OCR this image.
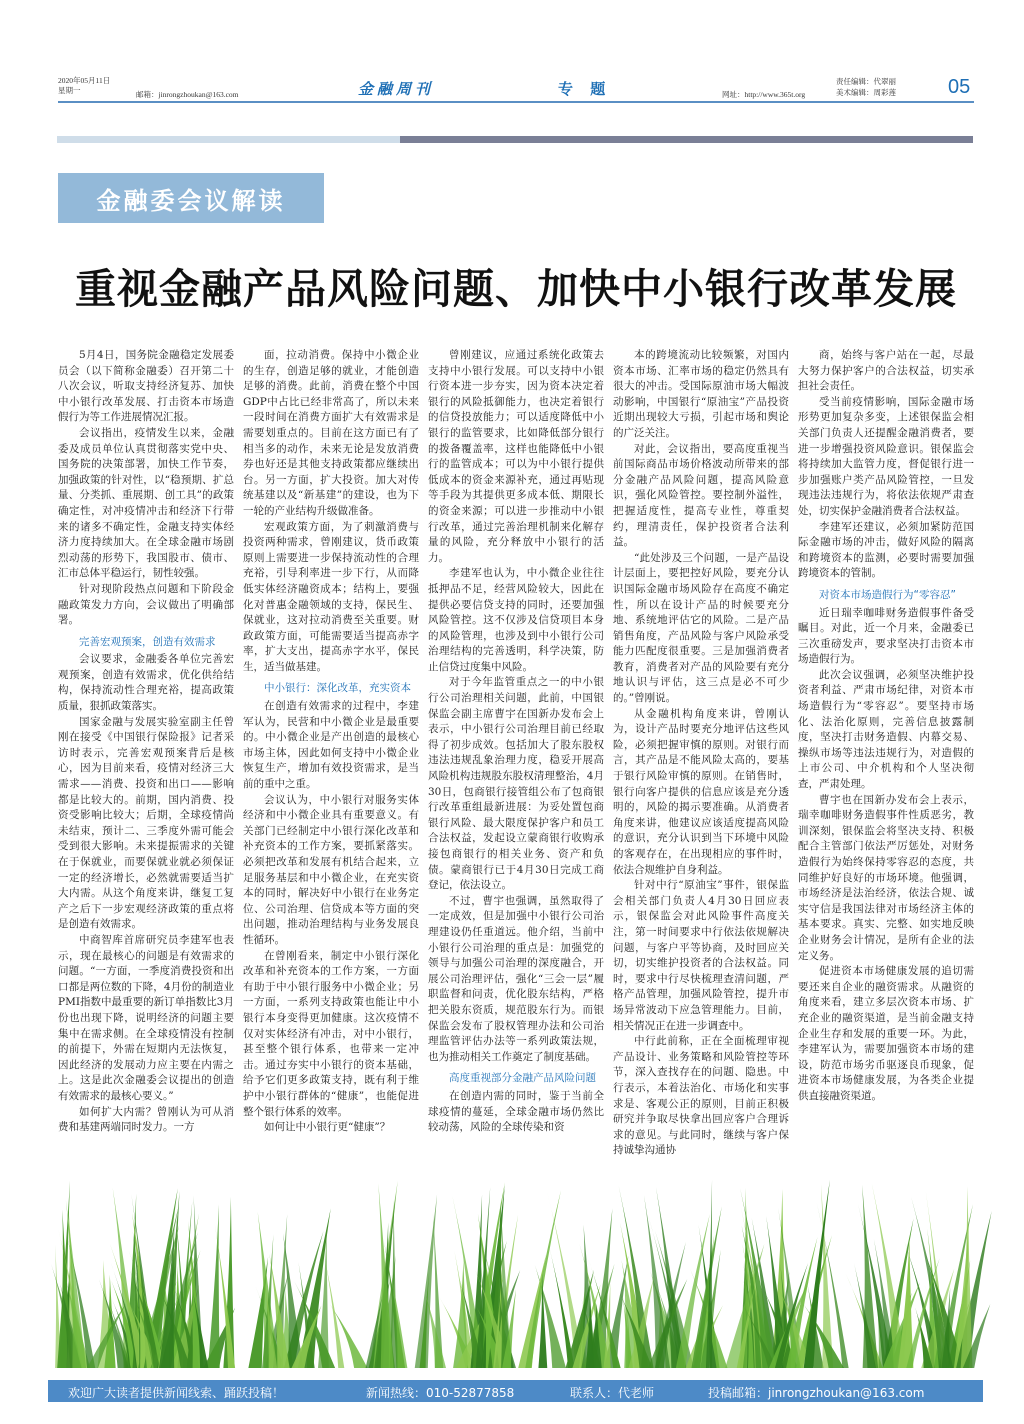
2020年05月11日
星期一	邮箱：jinrongzhoukan@163.com	金融周刊	专 题	网址：http://www.365t.org
责任编辑：代翠丽
美术编辑：周彩莲	05
金融委会议解读
重视金融产品风险问题、加快中小银行改革发展

5月4日，国务院金融稳定发展委员会（以下简称金融委）召开第二十八次会议，听取支持经济复苏、加快中小银行改革发展、打击资本市场造假行为等工作进展情况汇报。

会议指出，疫情发生以来，金融委及成员单位认真贯彻落实党中央、国务院的决策部署，加快工作节奏，加强政策的针对性，以“稳预期、扩总量、分类抓、重展期、创工具”的政策确定性，对冲疫情冲击和经济下行带来的诸多不确定性，金融支持实体经济力度持续加大。在全球金融市场剧烈动荡的形势下，我国股市、债市、汇市总体平稳运行，韧性较强。

针对现阶段热点问题和下阶段金融政策发力方向，会议做出了明确部署。

完善宏观预案，创造有效需求

会议要求，金融委各单位完善宏观预案，创造有效需求，优化供给结构，保持流动性合理充裕，提高政策质量，狠抓政策落实。

国家金融与发展实验室副主任曾刚在接受《中国银行保险报》记者采访时表示，完善宏观预案背后是核心，因为目前来看，疫情对经济三大需求——消费、投资和出口——影响都是比较大的。前期，国内消费、投资受影响比较大；后期，全球疫情尚未结束，预计二、三季度外需可能会受到很大影响。未来提振需求的关键在于保就业，而要保就业就必须保证一定的经济增长，必然就需要适当扩大内需。从这个角度来讲，继复工复产之后下一步宏观经济政策的重点将是创造有效需求。

中商智库首席研究员李建军也表示，现在最核心的问题是有效需求的问题。“一方面，一季度消费投资和出口都是两位数的下降，4月份的制造业PMI指数中最重要的新订单指数比3月份也出现下降，说明经济的问题主要集中在需求侧。在全球疫情没有控制的前提下，外需在短期内无法恢复，因此经济的发展动力应主要在内需之上。这是此次金融委会议提出的创造有效需求的最核心要义。”

如何扩大内需？曾刚认为可从消费和基建两端同时发力。一方

面，拉动消费。保持中小微企业的生存，创造足够的就业，才能创造足够的消费。此前，消费在整个中国GDP中占比已经非常高了，所以未来一段时间在消费方面扩大有效需求是需要划重点的。目前在这方面已有了相当多的动作，未来无论是发放消费券也好还是其他支持政策都应继续出台。另一方面，扩大投资。加大对传统基建以及“新基建”的建设，也为下一轮的产业结构升级做准备。

宏观政策方面，为了刺激消费与投资两种需求，曾刚建议，货币政策原则上需要进一步保持流动性的合理充裕，引导利率进一步下行，从而降低实体经济融资成本；结构上，要强化对普惠金融领域的支持，保民生、保就业，这对拉动消费至关重要。财政政策方面，可能需要适当提高赤字率，扩大支出，提高赤字水平，保民生，适当做基建。

中小银行：深化改革，充实资本

在创造有效需求的过程中，李建军认为，民营和中小微企业是最重要的。中小微企业是产出创造的最核心市场主体，因此如何支持中小微企业恢复生产，增加有效投资需求，是当前的重中之重。

会议认为，中小银行对服务实体经济和中小微企业具有重要意义。有关部门已经制定中小银行深化改革和补充资本的工作方案，要抓紧落实。必须把改革和发展有机结合起来，立足服务基层和中小微企业，在充实资本的同时，解决好中小银行在业务定位、公司治理、信贷成本等方面的突出问题，推动治理结构与业务发展良性循环。

在曾刚看来，制定中小银行深化改革和补充资本的工作方案，一方面有助于中小银行服务中小微企业；另一方面，一系列支持政策也能让中小银行本身变得更加健康。这次疫情不仅对实体经济有冲击，对中小银行，甚至整个银行体系，也带来一定冲击。通过夯实中小银行的资本基础，给予它们更多政策支持，既有利于维护中小银行群体的“健康”，也能促进整个银行体系的效率。

如何让中小银行更“健康”？

曾刚建议，应通过系统化政策去支持中小银行发展。可以支持中小银行资本进一步夯实，因为资本决定着银行的风险抵御能力，也决定着银行的信贷投放能力；可以适度降低中小银行的监管要求，比如降低部分银行的拨备覆盖率，这样也能降低中小银行的监管成本；可以为中小银行提供低成本的资金来源补充，通过再贴现等手段为其提供更多成本低、期限长的资金来源；可以进一步推动中小银行改革，通过完善治理机制来化解存量的风险，充分释放中小银行的活力。

李建军也认为，中小微企业往往抵押品不足，经营风险较大，因此在提供必要信贷支持的同时，还要加强风险管控。这不仅涉及信贷项目本身的风险管理，也涉及到中小银行公司治理结构的完善透明，科学决策，防止信贷过度集中风险。

对于今年监管重点之一的中小银行公司治理相关问题，此前，中国银保监会副主席曹宇在国新办发布会上表示，中小银行公司治理目前已经取得了初步成效。包括加大了股东股权违法违规乱象治理力度，稳妥开展高风险机构违规股东股权清理整治，4月30日，包商银行接管组公布了包商银行改革重组最新进展：为妥处置包商银行风险、最大限度保护客户和员工合法权益，发起设立蒙商银行收购承接包商银行的相关业务、资产和负债。蒙商银行已于4月30日完成工商登记，依法设立。

不过，曹宇也强调，虽然取得了一定成效，但是加强中小银行公司治理建设仍任重道远。他介绍，当前中小银行公司治理的重点是：加强党的领导与加强公司治理的深度融合，开展公司治理评估，强化“三会一层”履职监督和问责，优化股东结构，严格把关股东资质，规范股东行为。而银保监会发布了股权管理办法和公司治理监管评估办法等一系列政策法规，也为推动相关工作奠定了制度基础。

高度重视部分金融产品风险问题

在创造内需的同时，鉴于当前全球疫情的蔓延，全球金融市场仍然比较动荡，风险的全球传染和资

本的跨境流动比较频繁，对国内资本市场、汇率市场的稳定仍然具有很大的冲击。受国际原油市场大幅波动影响，中国银行“原油宝”产品投资近期出现较大亏损，引起市场和舆论的广泛关注。

对此，会议指出，要高度重视当前国际商品市场价格波动所带来的部分金融产品风险问题，提高风险意识，强化风险管控。要控制外溢性，把握适度性，提高专业性，尊重契约，理清责任，保护投资者合法利益。

“此处涉及三个问题，一是产品设计层面上，要把控好风险，要充分认识国际金融市场风险存在高度不确定性，所以在设计产品的时候要充分地、系统地评估它的风险。二是产品销售角度，产品风险与客户风险承受能力匹配度很重要。三是加强消费者教育，消费者对产品的风险要有充分地认识与评估，这三点是必不可少的。”曾刚说。

从金融机构角度来讲，曾刚认为，设计产品时要充分地评估这些风险，必须把握审慎的原则。对银行而言，其产品是不能风险太高的，要基于银行风险审慎的原则。在销售时，银行向客户提供的信息应该是充分透明的，风险的揭示要准确。从消费者角度来讲，他建议应该适度提高风险的意识，充分认识到当下环境中风险的客观存在，在出现相应的事件时，依法合规维护自身利益。

针对中行“原油宝”事件，银保监会相关部门负责人4月30日回应表示，银保监会对此风险事件高度关注，第一时间要求中行依法依规解决问题，与客户平等协商，及时回应关切，切实维护投资者的合法权益。同时，要求中行尽快梳理查清问题，严格产品管理，加强风险管控，提升市场异常波动下应急管理能力。目前，相关情况正在进一步调查中。

中行此前称，正在全面梳理审视产品设计、业务策略和风险管控等环节，深入查找存在的问题、隐患。中行表示，本着法治化、市场化和实事求是、客观公正的原则，目前正积极研究并争取尽快拿出回应客户合理诉求的意见。与此同时，继续与客户保持诚挚沟通协

商，始终与客户站在一起，尽最大努力保护客户的合法权益，切实承担社会责任。

受当前疫情影响，国际金融市场形势更加复杂多变，上述银保监会相关部门负责人还提醒金融消费者，要进一步增强投资风险意识。银保监会将持续加大监管力度，督促银行进一步加强账户类产品风险管控，一旦发现违法违规行为，将依法依规严肃查处，切实保护金融消费者合法权益。

李建军还建议，必须加紧防范国际金融市场的冲击，做好风险的隔离和跨境资本的监测，必要时需要加强跨境资本的管制。

对资本市场造假行为“零容忍”

近日瑞幸咖啡财务造假事件备受瞩目。对此，近一个月来，金融委已三次重磅发声，要求坚决打击资本市场造假行为。

此次会议强调，必须坚决维护投资者利益、严肃市场纪律，对资本市场造假行为“零容忍”。要坚持市场化、法治化原则，完善信息披露制度，坚决打击财务造假、内幕交易、操纵市场等违法违规行为，对造假的上市公司、中介机构和个人坚决彻查，严肃处理。

曹宇也在国新办发布会上表示，瑞幸咖啡财务造假事件性质恶劣，教训深刻，银保监会将坚决支持、积极配合主管部门依法严厉惩处，对财务造假行为始终保持零容忍的态度，共同维护好良好的市场环境。他强调，市场经济是法治经济，依法合规、诚实守信是我国法律对市场经济主体的基本要求。真实、完整、如实地反映企业财务会计情况，是所有企业的法定义务。

促进资本市场健康发展的追切需要还来自企业的融资需求。从融资的角度来看，建立多层次资本市场、扩充企业的融资渠道，是当前金融支持企业生存和发展的重要一环。为此，李建军认为，需要加强资本市场的建设，防范市场劣币驱逐良币现象，促进资本市场健康发展，为各类企业提供直接融资渠道。

欢迎广大读者提供新闻线索、踊跃投稿！	新闻热线：010-52877858	联系人：代老师	投稿邮箱：jinrongzhoukan@163.com
